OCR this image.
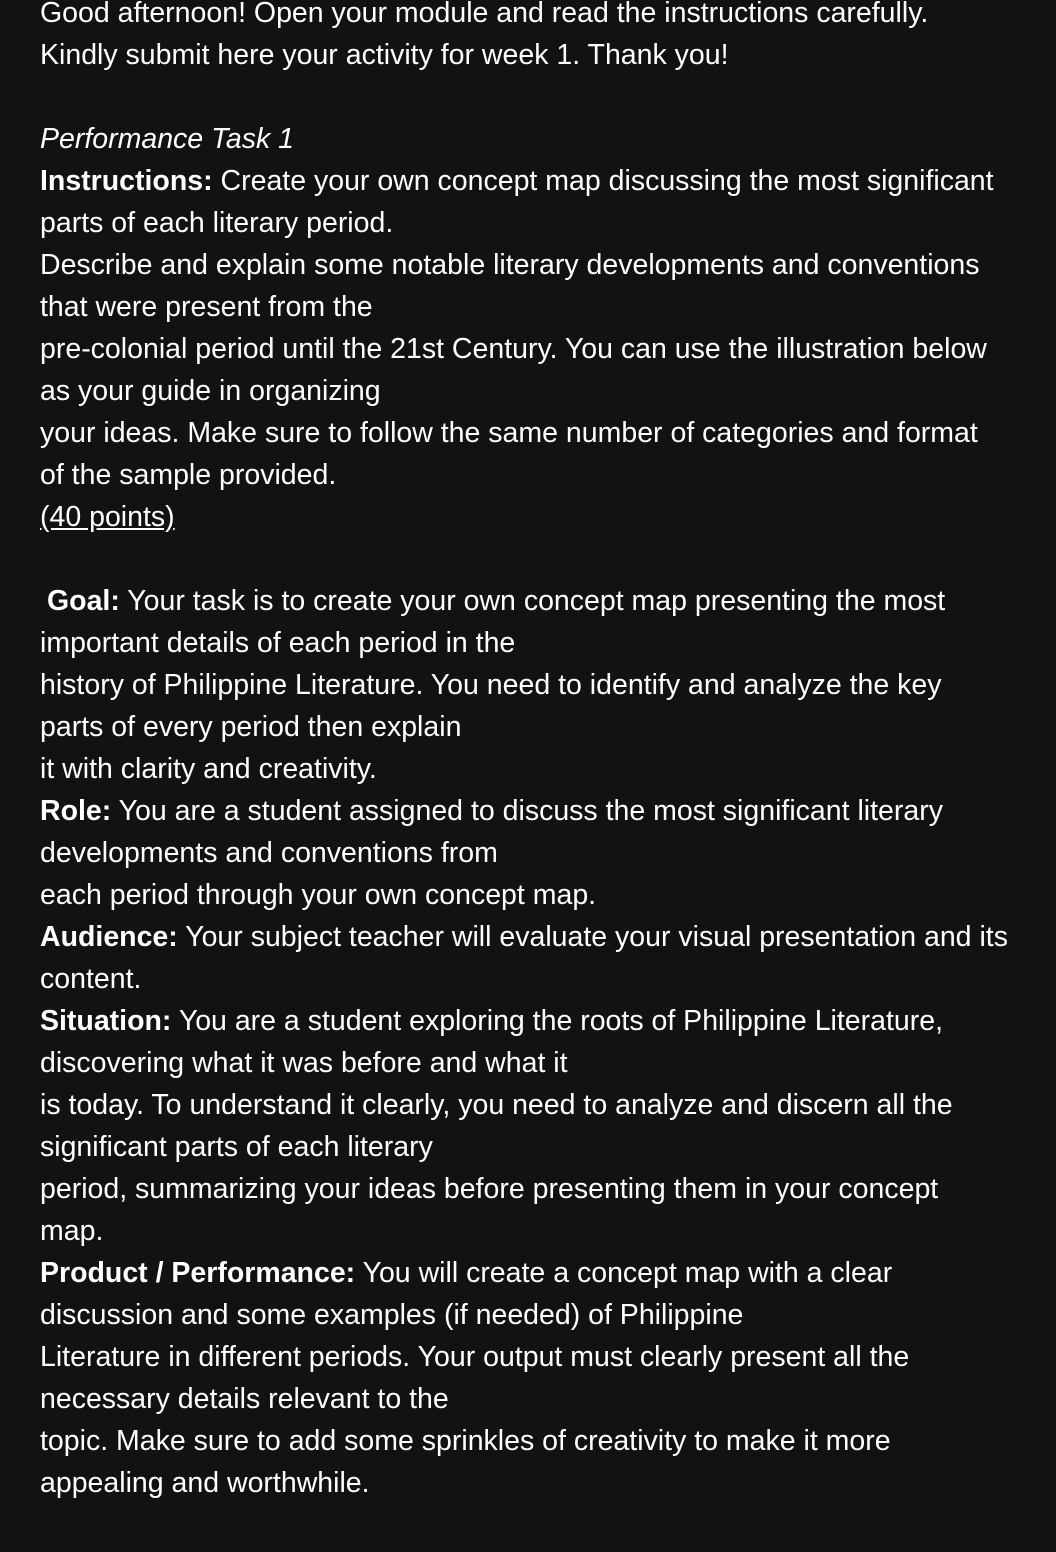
Good afternoon! Open your module and read the instructions carefully.
Kindly submit here your activity for week 1. Thank you!
Performance Task 1
Instructions: Create your own concept map discussing the most significant
parts of each literary period.
Describe and explain some notable literary developments and conventions
that were present from the
pre-colonial period until the 21st Century. You can use the illustration below
as your guide in organizing
your ideas. Make sure to follow the same number of categories and format
of the sample provided.
(40 points)
Goal: Your task is to create your own concept map presenting the most
important details of each period in the
history of Philippine Literature. You need to identify and analyze the key
parts of every period then explain
it with clarity and creativity.
Role: You are a student assigned to discuss the most significant literary
developments and conventions from
each period through your own concept map.
Audience: Your subject teacher will evaluate your visual presentation and its
content.
Situation: You are a student exploring the roots of Philippine Literature,
discovering what it was before and what it
is today. To understand it clearly, you need to analyze and discern all the
significant parts of each literary
period, summarizing your ideas before presenting them in your concept
map.
Product / Performance: You will create a concept map with a clear
discussion and some examples (if needed) of Philippine
Literature in different periods. Your output must clearly present all the
necessary details relevant to the
topic. Make sure to add some sprinkles of creativity to make it more
appealing and worthwhile.
